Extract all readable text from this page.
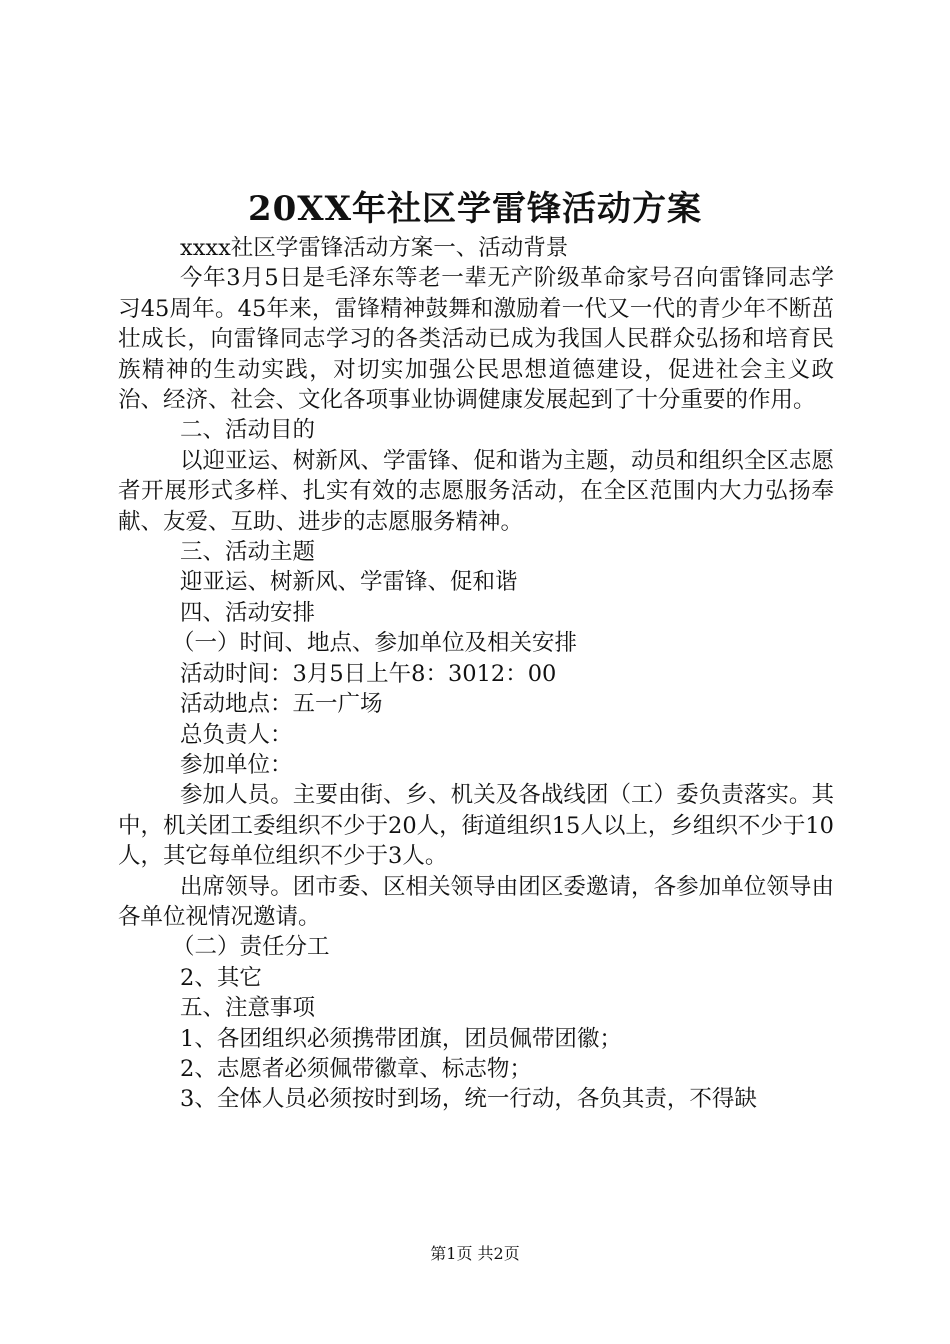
20XX年社区学雷锋活动方案

xxxx社区学雷锋活动方案一、活动背景

今年3月5日是毛泽东等老一辈无产阶级革命家号召向雷锋同志学习45周年。45年来，雷锋精神鼓舞和激励着一代又一代的青少年不断茁壮成长，向雷锋同志学习的各类活动已成为我国人民群众弘扬和培育民族精神的生动实践，对切实加强公民思想道德建设，促进社会主义政治、经济、社会、文化各项事业协调健康发展起到了十分重要的作用。

二、活动目的

以迎亚运、树新风、学雷锋、促和谐为主题，动员和组织全区志愿者开展形式多样、扎实有效的志愿服务活动，在全区范围内大力弘扬奉献、友爱、互助、进步的志愿服务精神。

三、活动主题

迎亚运、树新风、学雷锋、促和谐

四、活动安排

（一）时间、地点、参加单位及相关安排

活动时间：3月5日上午8：3012：00

活动地点：五一广场

总负责人：

参加单位：

参加人员。主要由街、乡、机关及各战线团（工）委负责落实。其中，机关团工委组织不少于20人，街道组织15人以上，乡组织不少于10人，其它每单位组织不少于3人。

出席领导。团市委、区相关领导由团区委邀请，各参加单位领导由各单位视情况邀请。

（二）责任分工

2、其它

五、注意事项

1、各团组织必须携带团旗，团员佩带团徽；

2、志愿者必须佩带徽章、标志物；

3、全体人员必须按时到场，统一行动，各负其责，不得缺

第1页 共2页
